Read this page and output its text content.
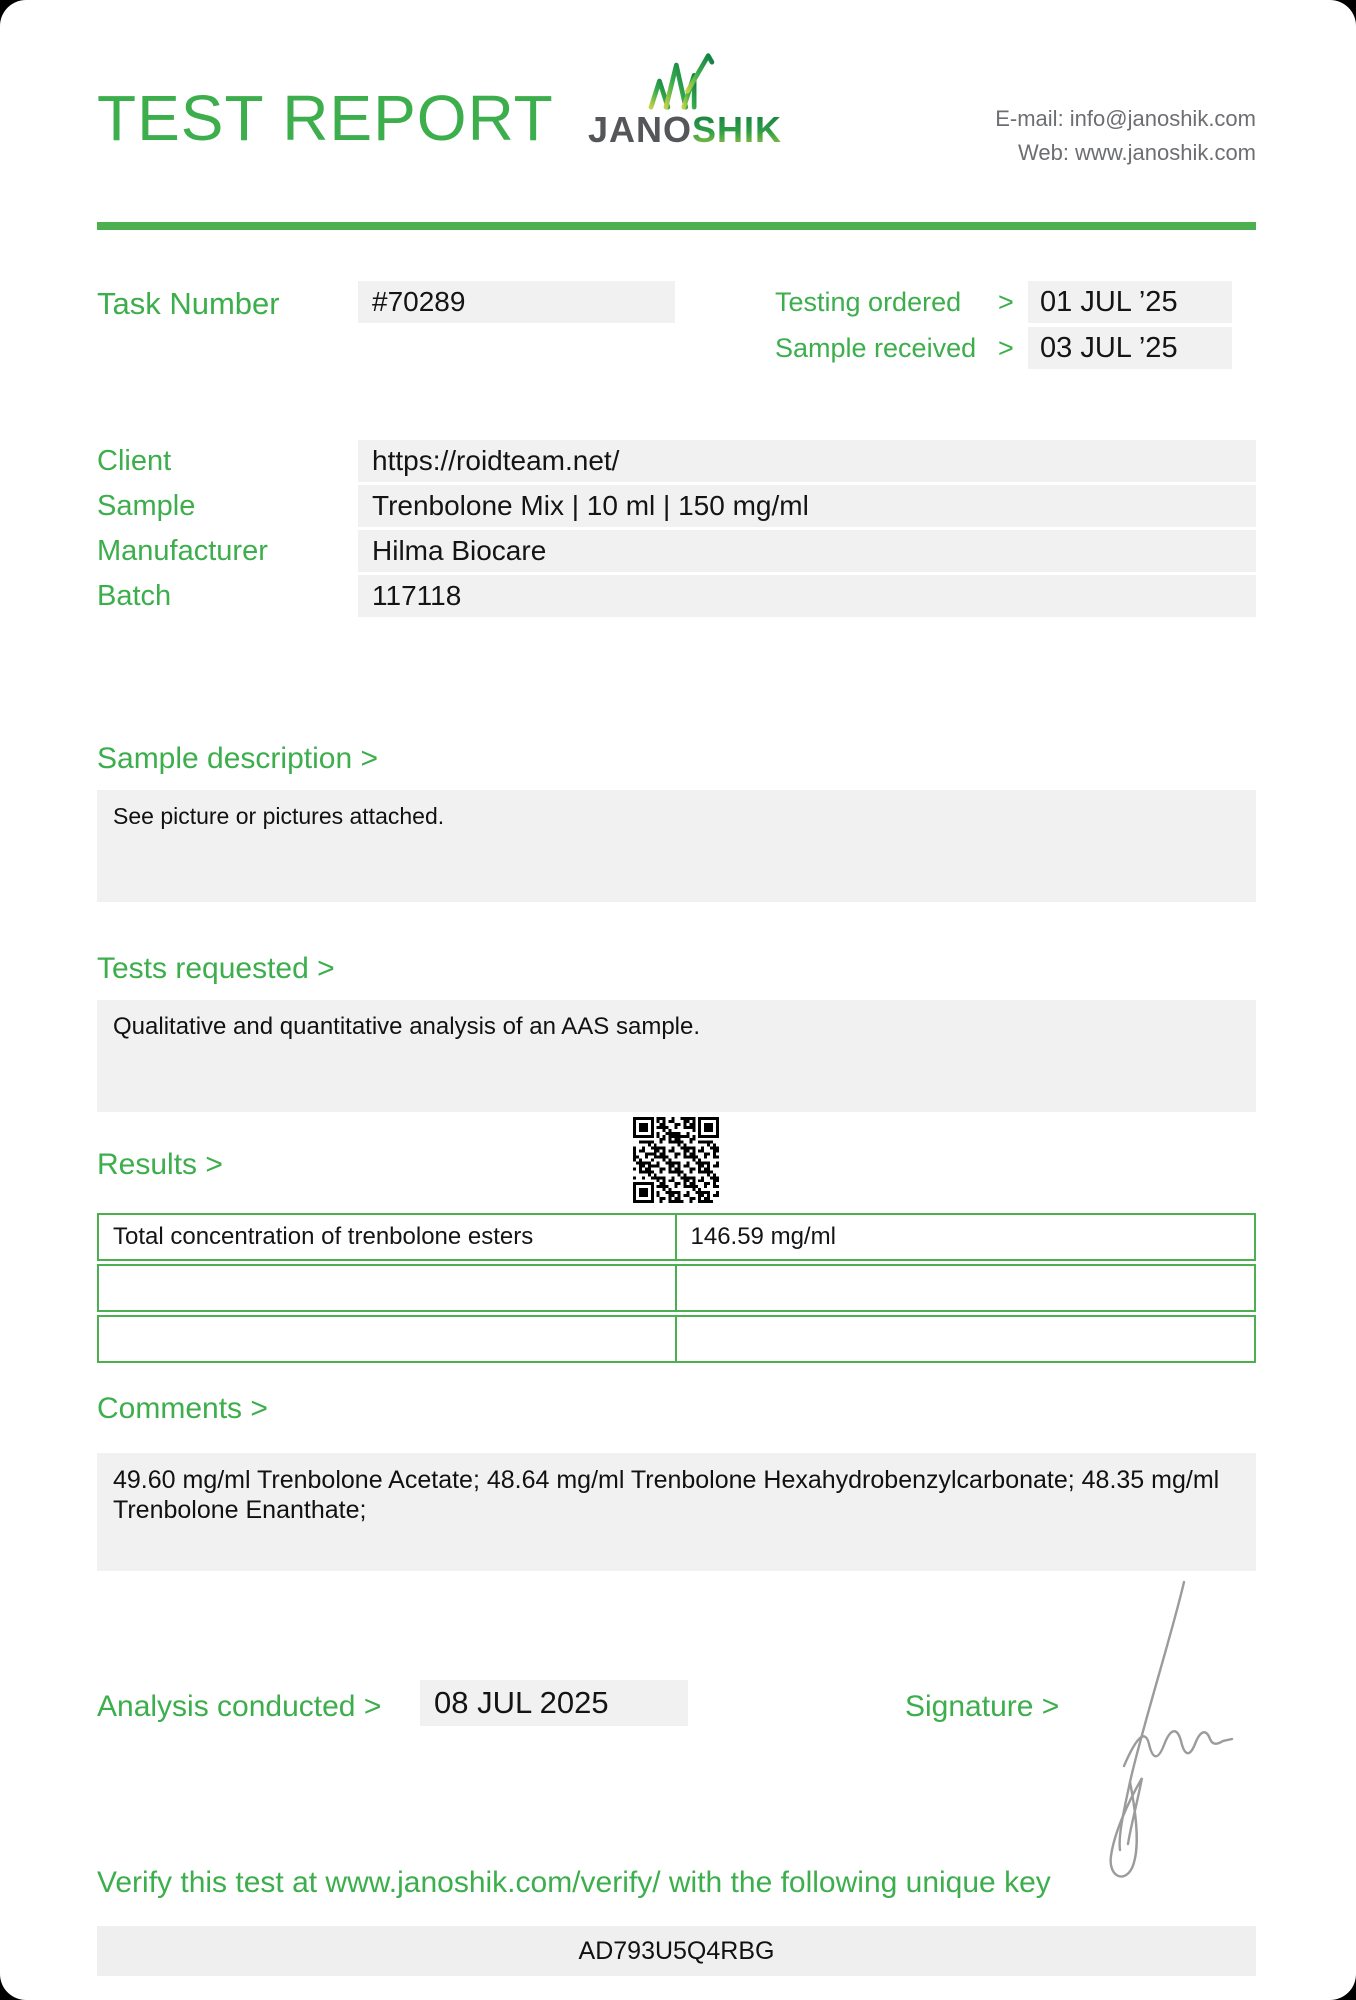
TEST REPORT JANOSHIK	E-mail: info@janoshik.com
Web: www.janoshik.com
Task Number	#70289	Testing ordered > 01 JUL ’25
Sample received > 03 JUL ’25
Client	https://roidteam.net/
Sample	Trenbolone Mix | 10 ml | 150 mg/ml
Manufacturer	Hilma Biocare
Batch	117118
Sample description >
See picture or pictures attached.
Tests requested >
Qualitative and quantitative analysis of an AAS sample.
Results >
Total concentration of trenbolone esters	146.59 mg/ml

Comments >
49.60 mg/ml Trenbolone Acetate; 48.64 mg/ml Trenbolone Hexahydrobenzylcarbonate; 48.35 mg/ml Trenbolone Enanthate;
Analysis conducted >	08 JUL 2025	Signature >
Verify this test at www.janoshik.com/verify/ with the following unique key
AD793U5Q4RBG
